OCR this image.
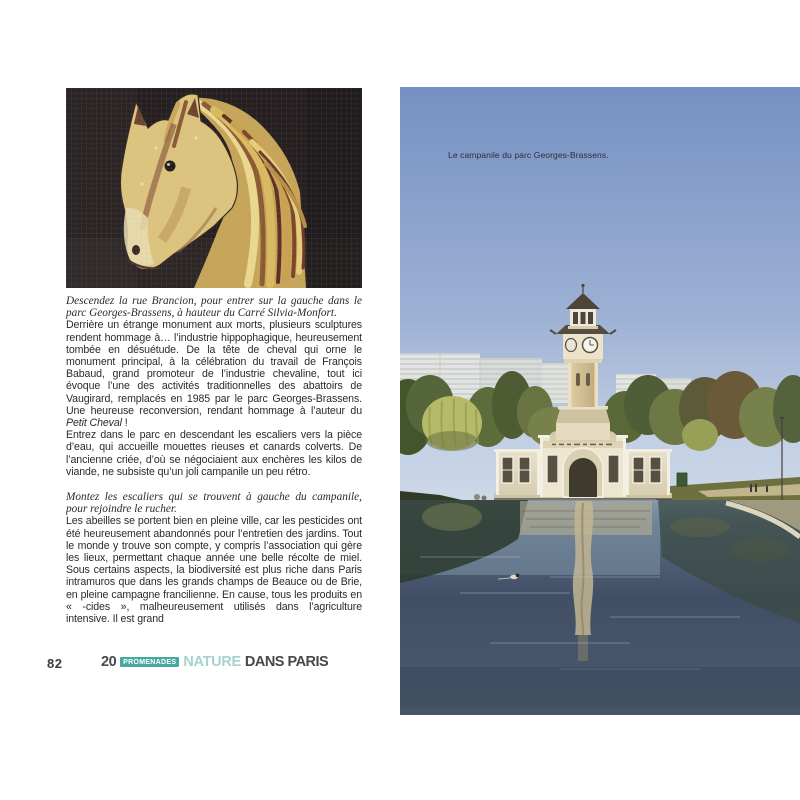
Descendez la rue Brancion, pour entrer sur la gauche dans le parc Georges-Brassens, à hauteur du Carré Silvia-Monfort.

Derrière un étrange monument aux morts, plusieurs sculptures rendent hommage à… l’industrie hippophagique, heureusement tombée en désuétude. De la tête de cheval qui orne le monument principal, à la célébration du travail de François Babaud, grand promoteur de l’industrie chevaline, tout ici évoque l’une des activités traditionnelles des abattoirs de Vaugirard, remplacés en 1985 par le parc Georges-Brassens. Une heureuse reconversion, rendant hommage à l’auteur du Petit Cheval !

Entrez dans le parc en descendant les escaliers vers la pièce d’eau, qui accueille mouettes rieuses et canards colverts. De l’ancienne criée, d’où se négociaient aux enchères les kilos de viande, ne subsiste qu’un joli campanile un peu rétro.

Montez les escaliers qui se trouvent à gauche du campanile, pour rejoindre le rucher.

Les abeilles se portent bien en pleine ville, car les pesticides ont été heureusement abandonnés pour l’entretien des jardins. Tout le monde y trouve son compte, y compris l’association qui gère les lieux, permettant chaque année une belle récolte de miel. Sous certains aspects, la biodiversité est plus riche dans Paris intramuros que dans les grands champs de Beauce ou de Brie, en pleine campagne francilienne. En cause, tous les produits en « -cides », malheureusement utilisés dans l’agriculture intensive. Il est grand

82	20	PROMENADES NATURE DANS PARIS
Le campanile du parc Georges-Brassens.
